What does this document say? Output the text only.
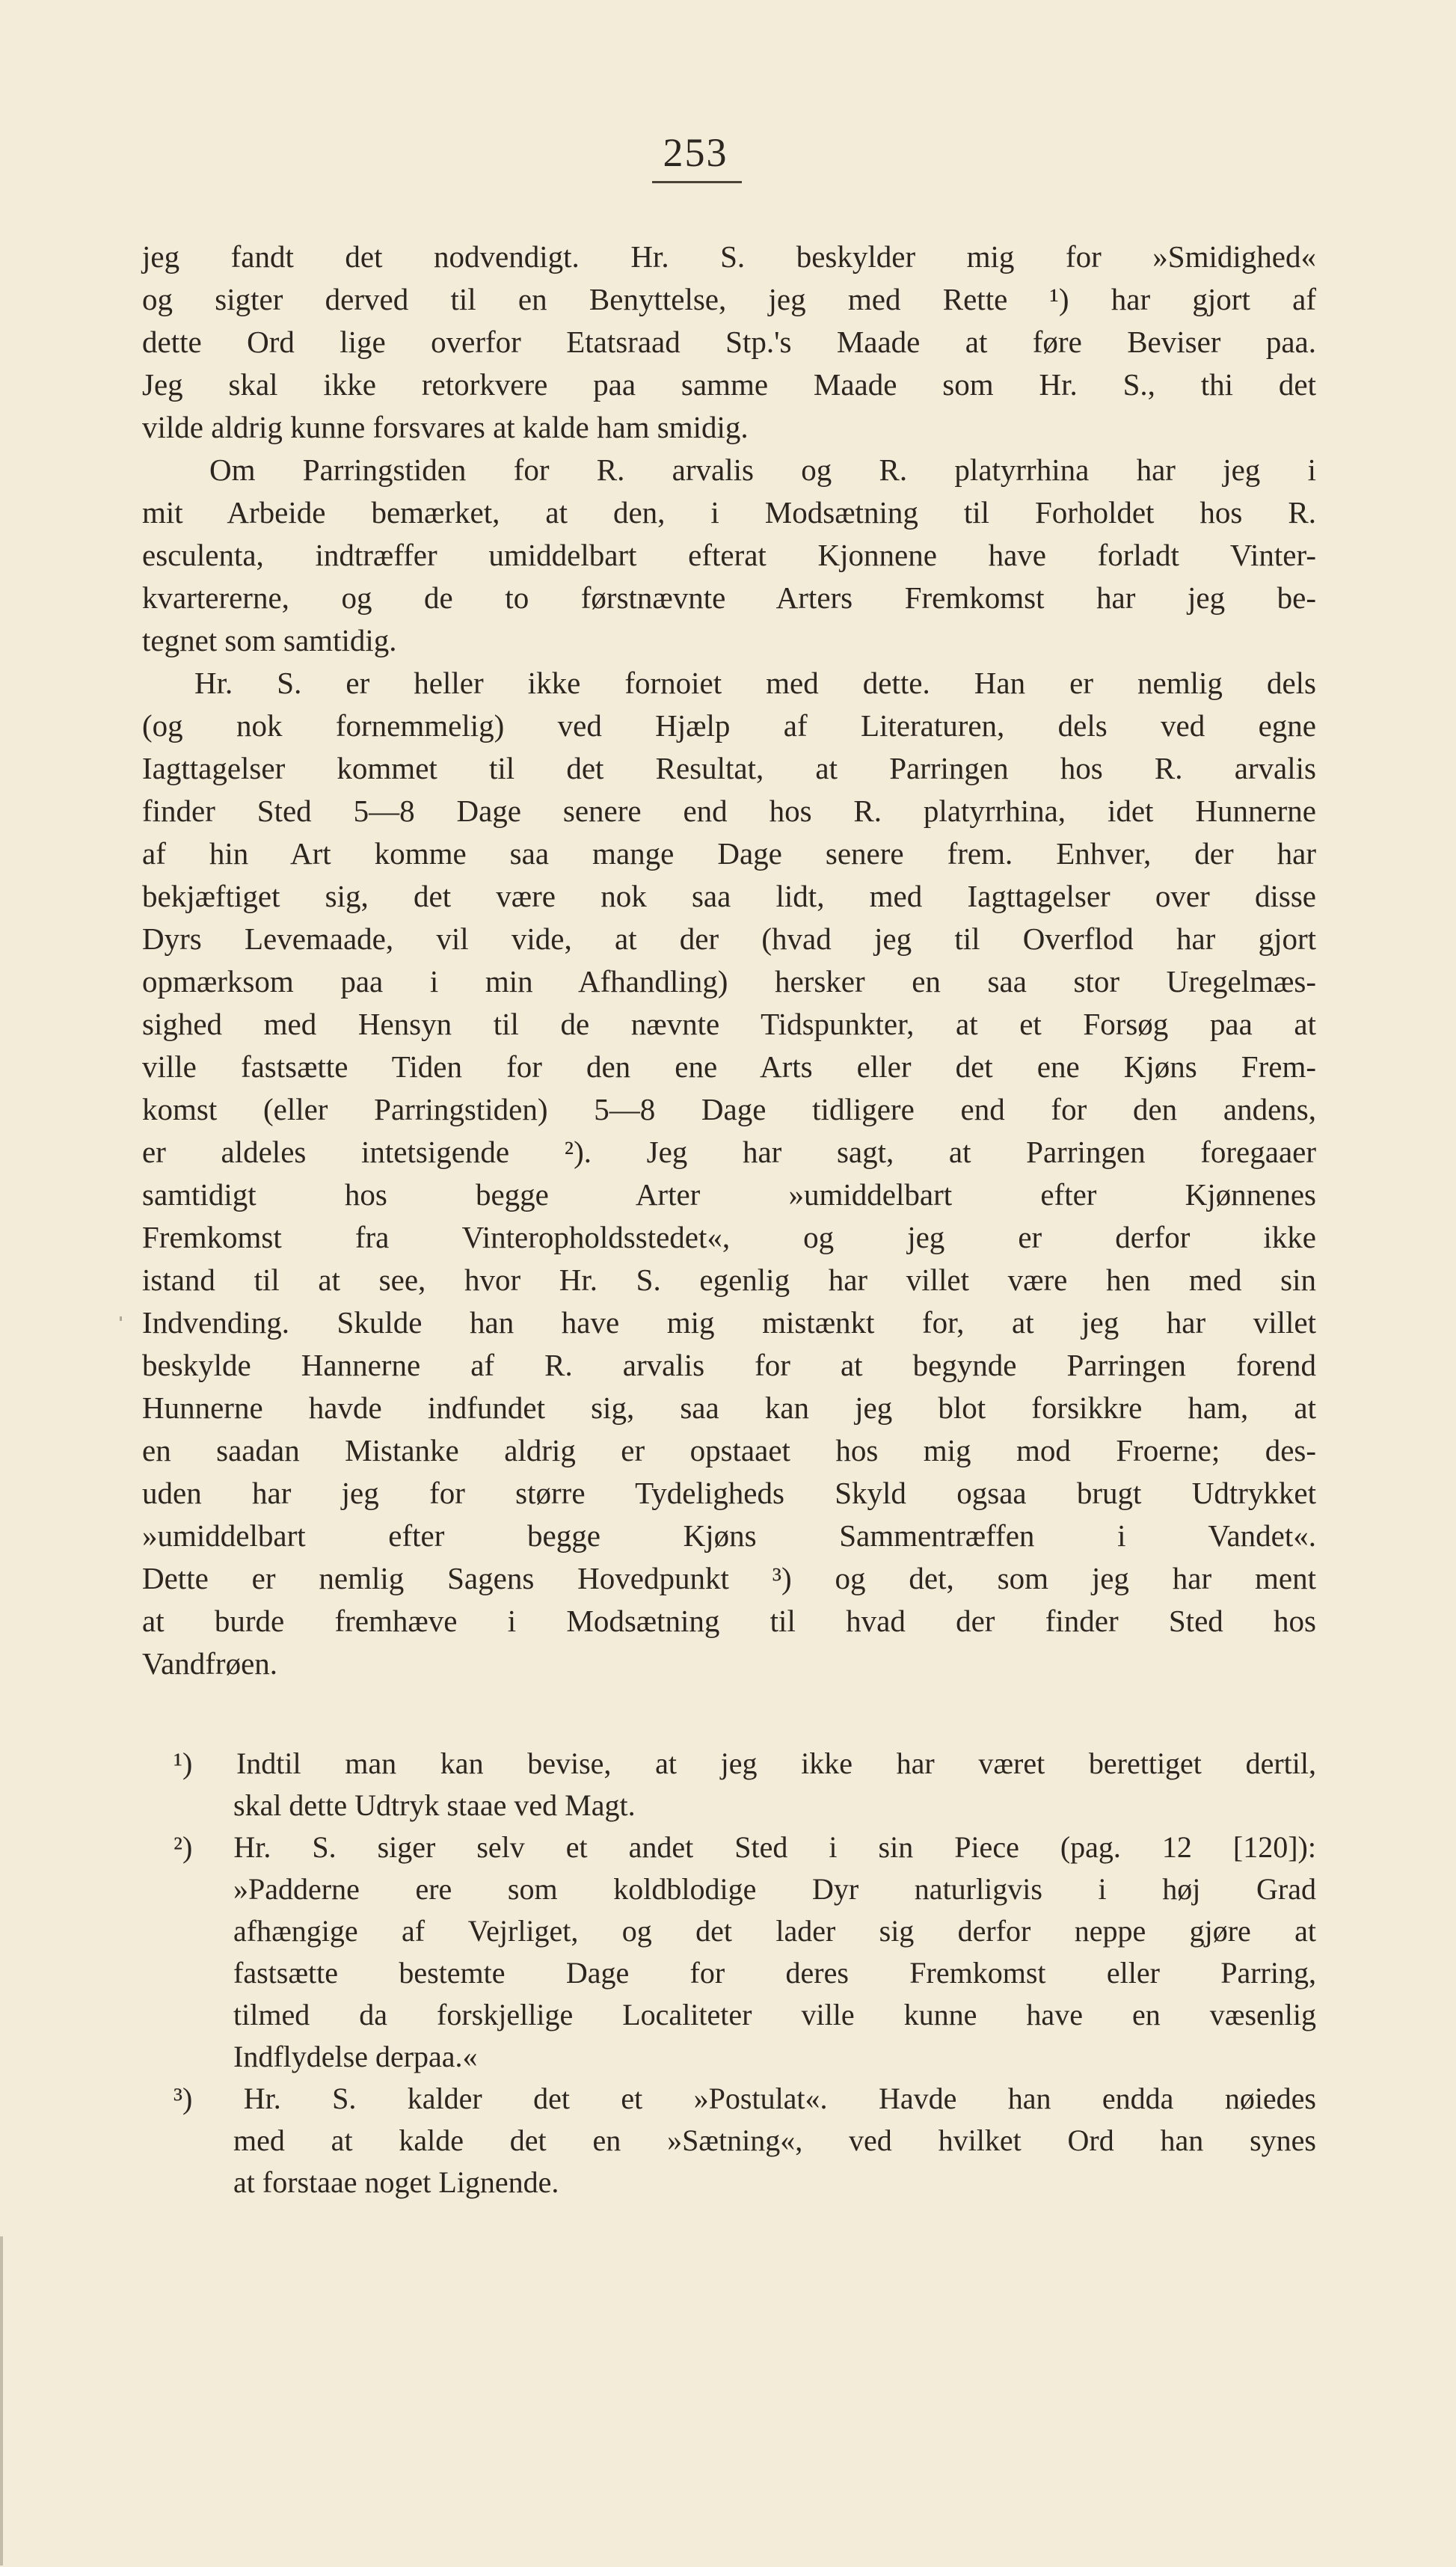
253
jeg fandt det nodvendigt. Hr. S. beskylder mig for »Smidighed«
og sigter derved til en Benyttelse, jeg med Rette ¹) har gjort af
dette Ord lige overfor Etatsraad Stp.'s Maade at føre Beviser paa.
Jeg skal ikke retorkvere paa samme Maade som Hr. S., thi det
vilde aldrig kunne forsvares at kalde ham smidig.
Om Parringstiden for R. arvalis og R. platyrrhina har jeg i
mit Arbeide bemærket, at den, i Modsætning til Forholdet hos R.
esculenta, indtræffer umiddelbart efterat Kjonnene have forladt Vinter-
kvartererne, og de to førstnævnte Arters Fremkomst har jeg be-
tegnet som samtidig.
Hr. S. er heller ikke fornoiet med dette. Han er nemlig dels
(og nok fornemmelig) ved Hjælp af Literaturen, dels ved egne
Iagttagelser kommet til det Resultat, at Parringen hos R. arvalis
finder Sted 5—8 Dage senere end hos R. platyrrhina, idet Hunnerne
af hin Art komme saa mange Dage senere frem. Enhver, der har
bekjæftiget sig, det være nok saa lidt, med Iagttagelser over disse
Dyrs Levemaade, vil vide, at der (hvad jeg til Overflod har gjort
opmærksom paa i min Afhandling) hersker en saa stor Uregelmæs-
sighed med Hensyn til de nævnte Tidspunkter, at et Forsøg paa at
ville fastsætte Tiden for den ene Arts eller det ene Kjøns Frem-
komst (eller Parringstiden) 5—8 Dage tidligere end for den andens,
er aldeles intetsigende ²). Jeg har sagt, at Parringen foregaaer
samtidigt hos begge Arter »umiddelbart efter Kjønnenes
Fremkomst fra Vinteropholdsstedet«, og jeg er derfor ikke
istand til at see, hvor Hr. S. egenlig har villet være hen med sin
Indvending. Skulde han have mig mistænkt for, at jeg har villet
beskylde Hannerne af R. arvalis for at begynde Parringen forend
Hunnerne havde indfundet sig, saa kan jeg blot forsikkre ham, at
en saadan Mistanke aldrig er opstaaet hos mig mod Froerne; des-
uden har jeg for større Tydeligheds Skyld ogsaa brugt Udtrykket
»umiddelbart efter begge Kjøns Sammentræffen i Vandet«.
Dette er nemlig Sagens Hovedpunkt ³) og det, som jeg har ment
at burde fremhæve i Modsætning til hvad der finder Sted hos
Vandfrøen.
¹) Indtil man kan bevise, at jeg ikke har været berettiget dertil,
skal dette Udtryk staae ved Magt.
²) Hr. S. siger selv et andet Sted i sin Piece (pag. 12 [120]):
»Padderne ere som koldblodige Dyr naturligvis i høj Grad
afhængige af Vejrliget, og det lader sig derfor neppe gjøre at
fastsætte bestemte Dage for deres Fremkomst eller Parring,
tilmed da forskjellige Localiteter ville kunne have en væsenlig
Indflydelse derpaa.«
³) Hr. S. kalder det et »Postulat«. Havde han endda nøiedes
med at kalde det en »Sætning«, ved hvilket Ord han synes
at forstaae noget Lignende.
